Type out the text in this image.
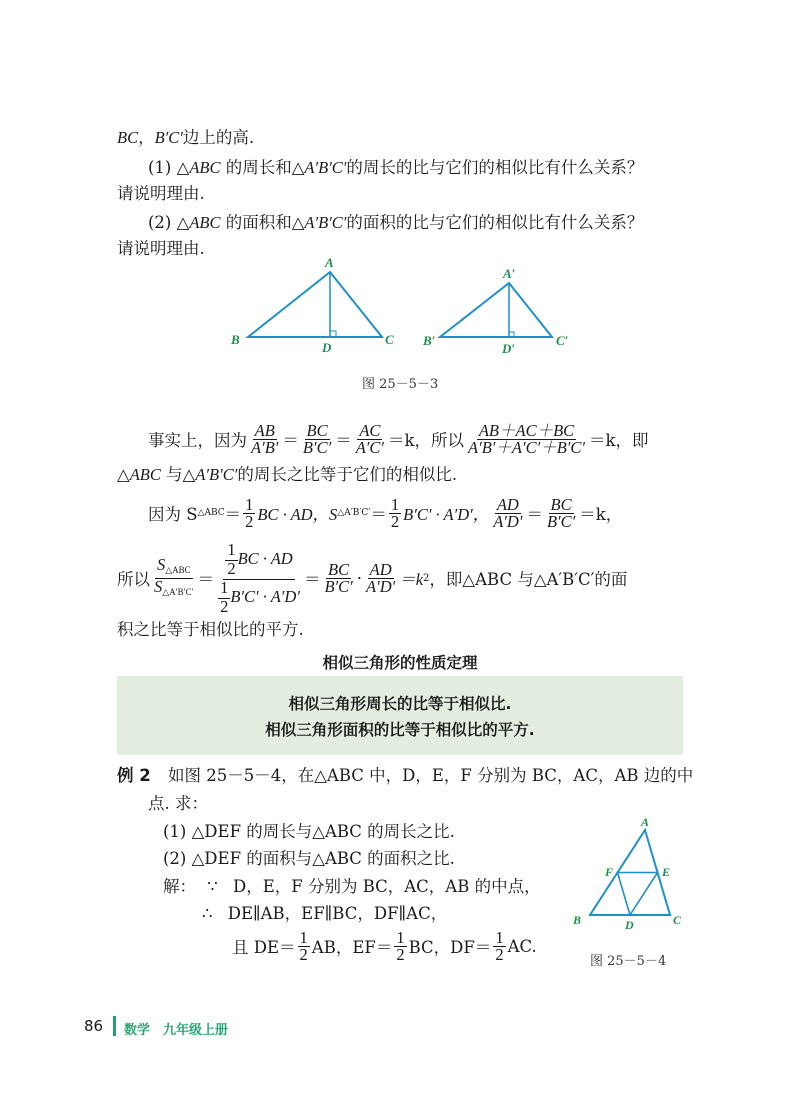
BC，B′C′边上的高.
(1) △ABC 的周长和△A′B′C′的周长的比与它们的相似比有什么关系？
请说明理由.
(2) △ABC 的面积和△A′B′C′的面积的比与它们的相似比有什么关系？
请说明理由.
A
B	C
D
A′
B′	C′
D′
图 25－5－3
事实上，因为 $\frac{AB}{A'B'} = \frac{BC}{B'C'} = \frac{AC}{A'C'} =k$，所以 $\frac{AB+AC+BC}{A'B'+A'C'+B'C'} =k$，即
△ABC 与△A′B′C′的周长之比等于它们的相似比.
因为 S △ABC ＝ $\frac{1}{2}$ BC · AD，S △A′B′C′ ＝ $\frac{1}{2} B'C' \cdot A'D'$， $\frac{AD}{A'D'} = \frac{BC}{B'C'} =k$，
所以 $\frac{S_{\triangle ABC}}{S_{\triangle A'B'C'}} = \frac{\frac{1}{2} BC \cdot AD}{\frac{1}{2} B'C' \cdot A'D'} = \frac{BC}{B'C'} \cdot \frac{AD}{A'D'} =k$ 2 ，即△ABC 与△A′B′C′的面
积之比等于相似比的平方.
相似三角形的性质定理
相似三角形周长的比等于相似比.
相似三角形面积的比等于相似比的平方.
例 2 如图 25－5－4，在△ABC 中，D，E，F 分别为 BC，AC，AB 边的中
点. 求：
(1) △DEF 的周长与△ABC 的周长之比.
(2) △DEF 的面积与△ABC 的面积之比.
解： ∵ D，E，F 分别为 BC，AC，AB 的中点，
∴ DE∥AB，EF∥BC，DF∥AC，
且 $DE= \frac{1}{2}$ AB，$EF= \frac{1}{2}$ BC，$DF= \frac{1}{2}$ AC.
A
B	C
D
E
F
图 25－5－4
86 数学　九年级上册
